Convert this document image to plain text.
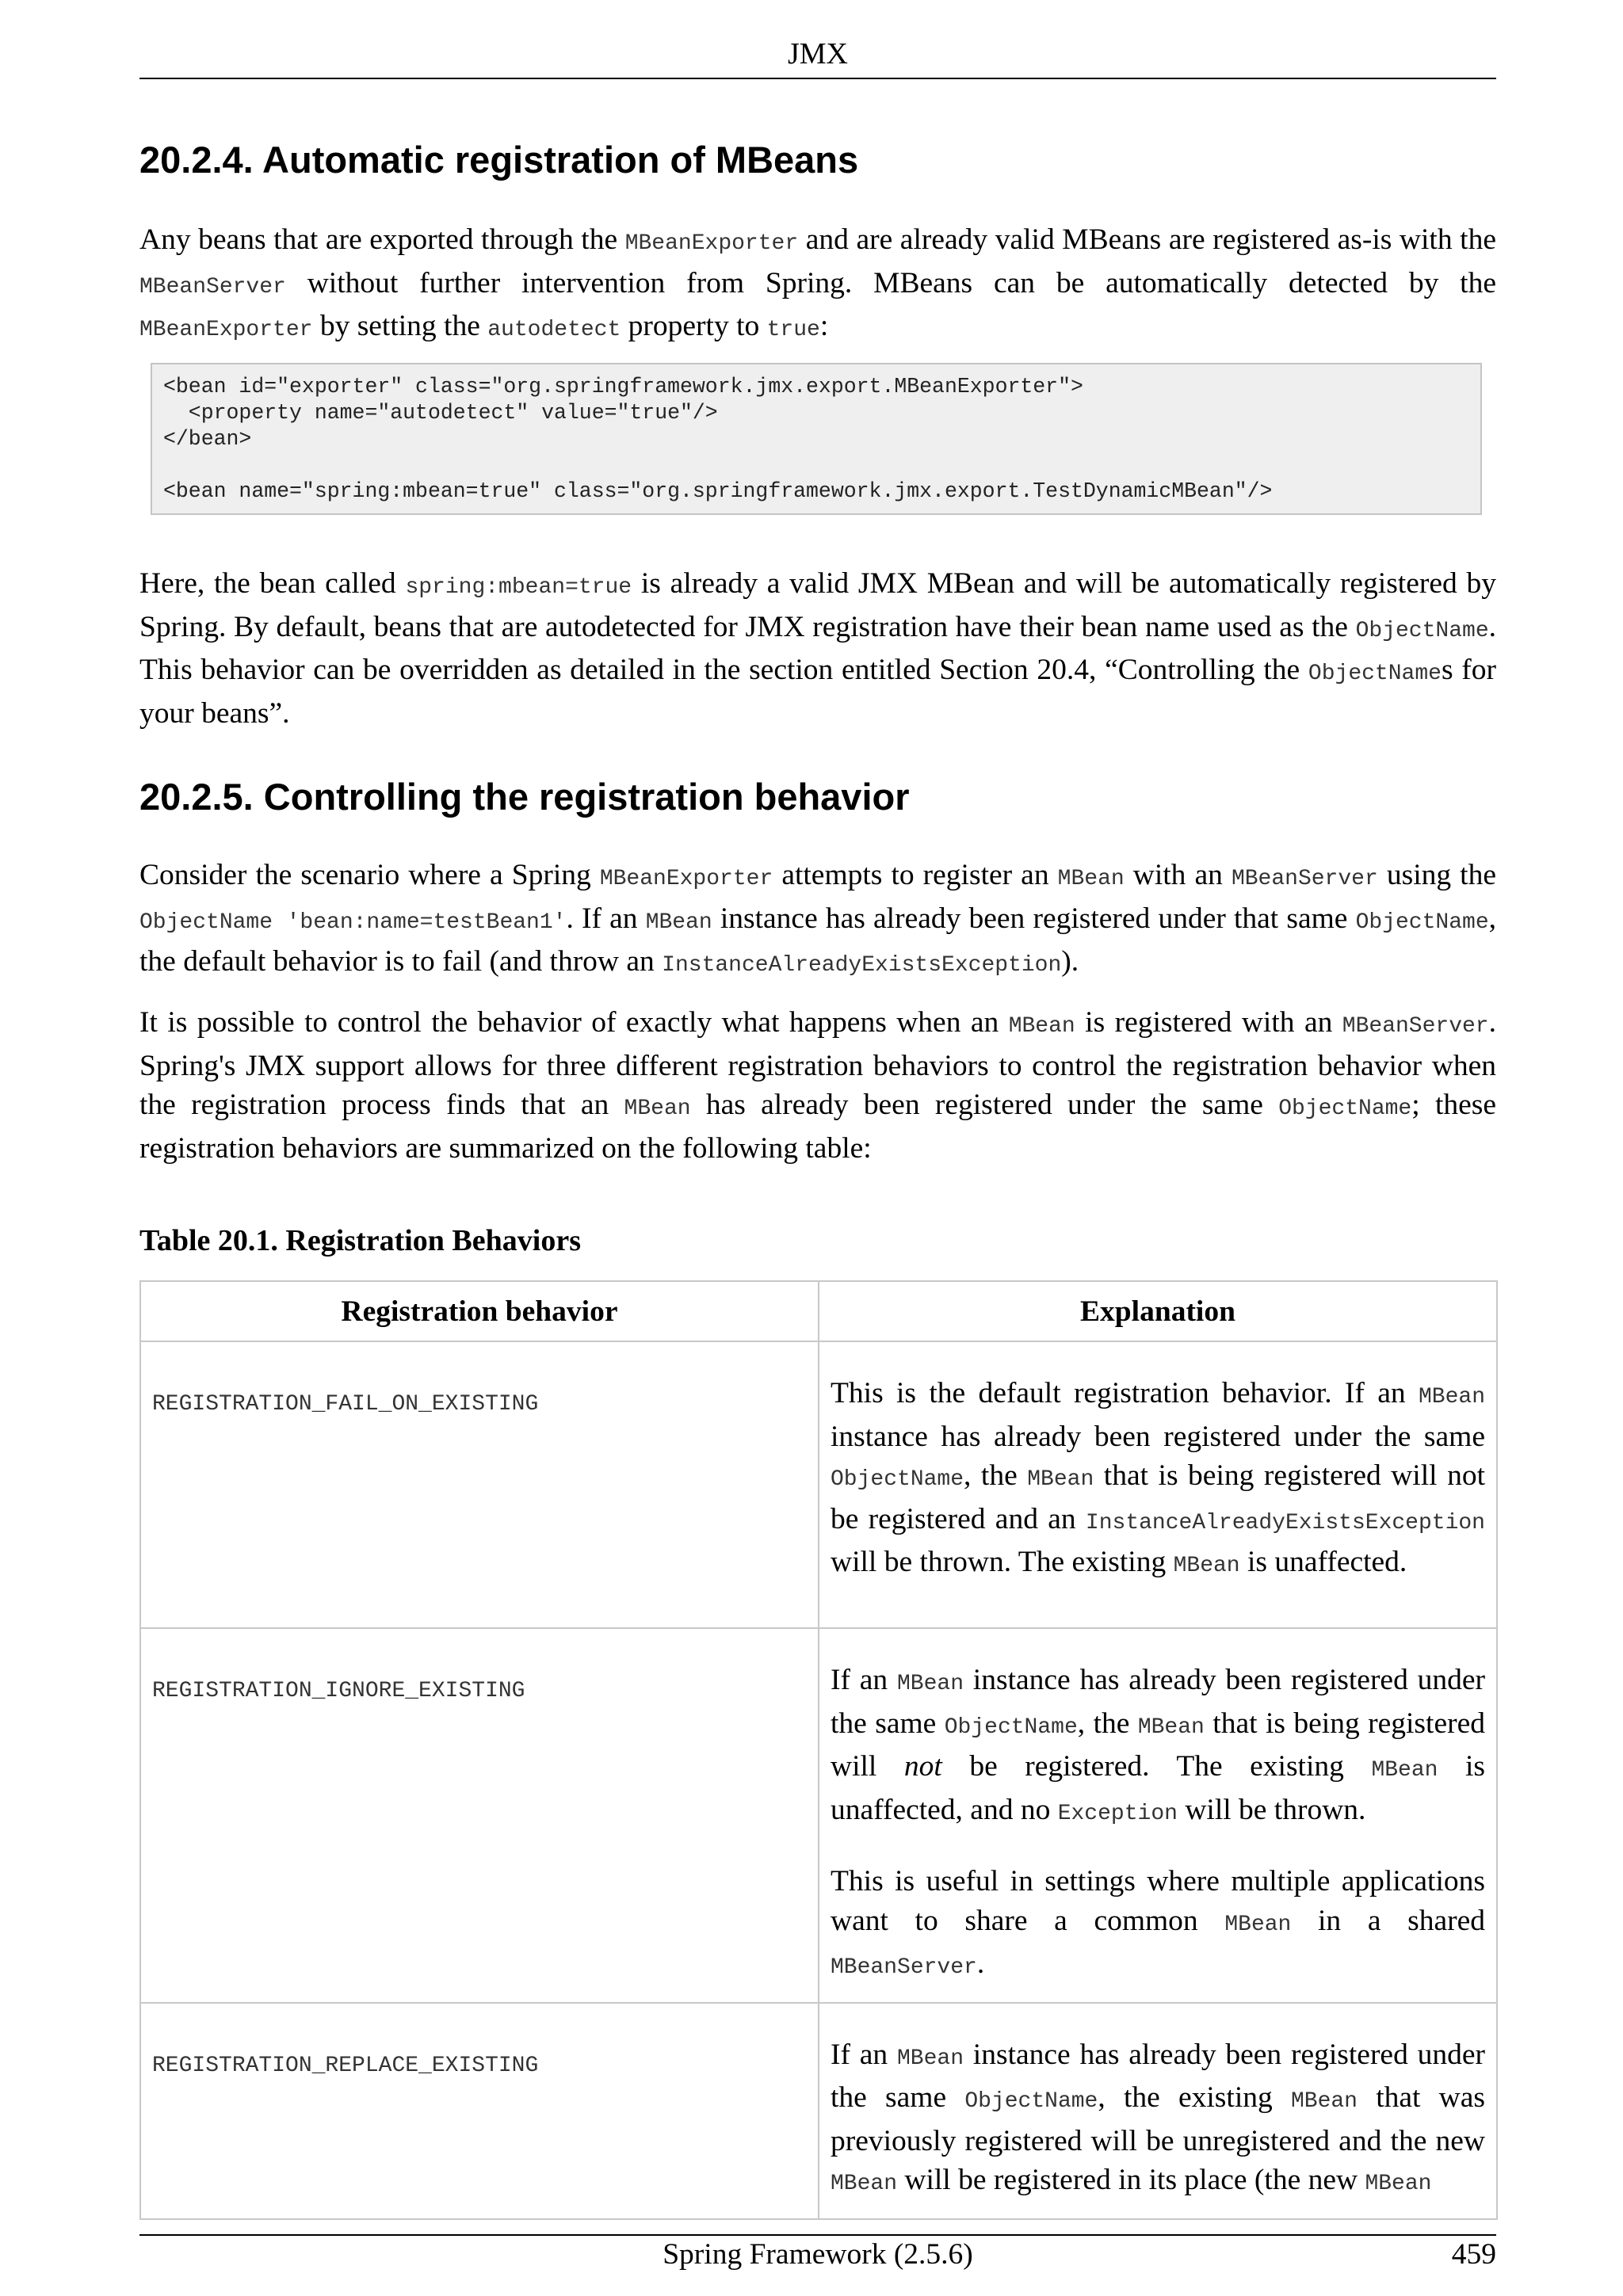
JMX
20.2.4. Automatic registration of MBeans

Any beans that are exported through the MBeanExporter and are already valid MBeans are registered as-is with the MBeanServer without further intervention from Spring. MBeans can be automatically detected by the MBeanExporter by setting the autodetect property to true:

<bean id="exporter" class="org.springframework.jmx.export.MBeanExporter">
<property name="autodetect" value="true"/>
</bean>

<bean name="spring:mbean=true" class="org.springframework.jmx.export.TestDynamicMBean"/>

Here, the bean called spring:mbean=true is already a valid JMX MBean and will be automatically registered by Spring. By default, beans that are autodetected for JMX registration have their bean name used as the ObjectName. This behavior can be overridden as detailed in the section entitled Section 20.4, “Controlling the ObjectNames for your beans”.

20.2.5. Controlling the registration behavior

Consider the scenario where a Spring MBeanExporter attempts to register an MBean with an MBeanServer using the ObjectName 'bean:name=testBean1'. If an MBean instance has already been registered under that same ObjectName, the default behavior is to fail (and throw an InstanceAlreadyExistsException).

It is possible to control the behavior of exactly what happens when an MBean is registered with an MBeanServer. Spring's JMX support allows for three different registration behaviors to control the registration behavior when the registration process finds that an MBean has already been registered under the same ObjectName; these registration behaviors are summarized on the following table:

Table 20.1. Registration Behaviors

Registration behavior	Explanation

REGISTRATION_FAIL_ON_EXISTING	This is the default registration behavior. If an MBean instance has already been registered under the same ObjectName, the MBean that is being registered will not be registered and an InstanceAlreadyExistsException will be thrown. The existing MBean is unaffected.

REGISTRATION_IGNORE_EXISTING	If an MBean instance has already been registered under the same ObjectName, the MBean that is being registered will not be registered. The existing MBean is unaffected, and no Exception will be thrown.

This is useful in settings where multiple applications want to share a common MBean in a shared MBeanServer.

REGISTRATION_REPLACE_EXISTING	If an MBean instance has already been registered under the same ObjectName, the existing MBean that was previously registered will be unregistered and the new MBean will be registered in its place (the new MBean

Spring Framework (2.5.6)	459
